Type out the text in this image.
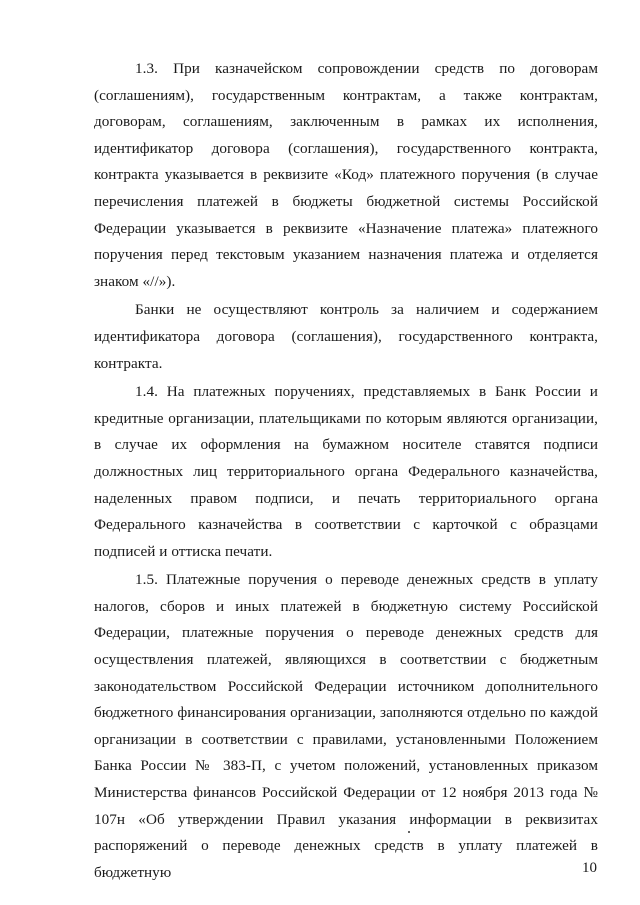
1.3. При казначейском сопровождении средств по договорам (соглашениям), государственным контрактам, а также контрактам, договорам, соглашениям, заключенным в рамках их исполнения, идентификатор договора (соглашения), государственного контракта, контракта указывается в реквизите «Код» платежного поручения (в случае перечисления платежей в бюджеты бюджетной системы Российской Федерации указывается в реквизите «Назначение платежа» платежного поручения перед текстовым указанием назначения платежа и отделяется знаком «//»).

Банки не осуществляют контроль за наличием и содержанием идентификатора договора (соглашения), государственного контракта, контракта.

1.4. На платежных поручениях, представляемых в Банк России и кредитные организации, плательщиками по которым являются организации, в случае их оформления на бумажном носителе ставятся подписи должностных лиц территориального органа Федерального казначейства, наделенных правом подписи, и печать территориального органа Федерального казначейства в соответствии с карточкой с образцами подписей и оттиска печати.

1.5. Платежные поручения о переводе денежных средств в уплату налогов, сборов и иных платежей в бюджетную систему Российской Федерации, платежные поручения о переводе денежных средств для осуществления платежей, являющихся в соответствии с бюджетным законодательством Российской Федерации источником дополнительного бюджетного финансирования организации, заполняются отдельно по каждой организации в соответствии с правилами, установленными Положением Банка России № 383-П, с учетом положений, установленных приказом Министерства финансов Российской Федерации от 12 ноября 2013 года № 107н «Об утверждении Правил указания информации в реквизитах распоряжений о переводе денежных средств в уплату платежей в бюджетную	10
